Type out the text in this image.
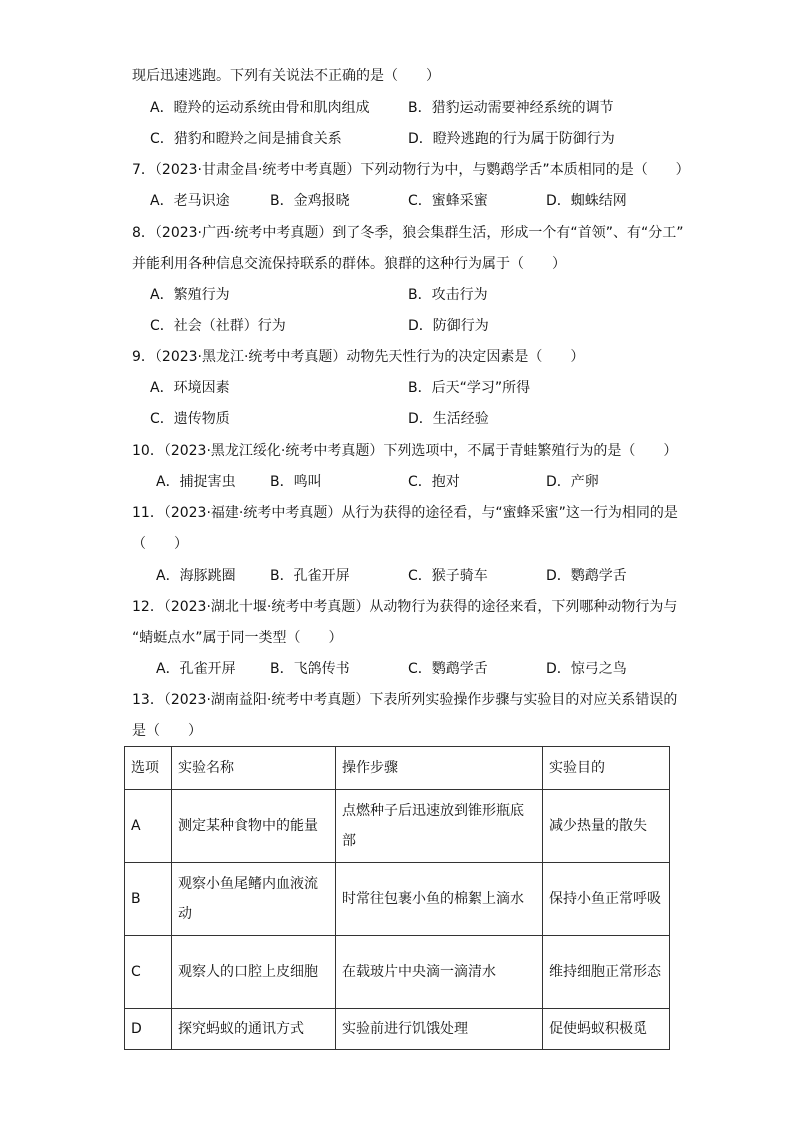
现后迅速逃跑。下列有关说法不正确的是（　　）
A．瞪羚的运动系统由骨和肌肉组成	B．猎豹运动需要神经系统的调节
C．猎豹和瞪羚之间是捕食关系	D．瞪羚逃跑的行为属于防御行为
7．（2023·甘肃金昌·统考中考真题）下列动物行为中，与鹦鹉学舌”本质相同的是（　　）
A．老马识途	B．金鸡报晓	C．蜜蜂采蜜	D．蜘蛛结网
8．（2023·广西·统考中考真题）到了冬季，狼会集群生活，形成一个有“首领”、有“分工”
并能利用各种信息交流保持联系的群体。狼群的这种行为属于（　　）
A．繁殖行为	B．攻击行为
C．社会（社群）行为	D．防御行为
9．（2023·黑龙江·统考中考真题）动物先天性行为的决定因素是（　　）
A．环境因素	B．后天“学习”所得
C．遗传物质	D．生活经验
10．（2023·黑龙江绥化·统考中考真题）下列选项中，不属于青蛙繁殖行为的是（　　）
A．捕捉害虫 B．鸣叫	C．抱对	D．产卵
11．（2023·福建·统考中考真题）从行为获得的途径看，与“蜜蜂采蜜”这一行为相同的是
（　　）
A．海豚跳圈 B．孔雀开屏	C．猴子骑车	D．鹦鹉学舌
12．（2023·湖北十堰·统考中考真题）从动物行为获得的途径来看，下列哪种动物行为与
“蜻蜓点水”属于同一类型（　　）
A．孔雀开屏 B．飞鸽传书	C．鹦鹉学舌	D．惊弓之鸟
13．（2023·湖南益阳·统考中考真题）下表所列实验操作步骤与实验目的对应关系错误的
是（　　）
选项	实验名称	操作步骤	实验目的
A	测定某种食物中的能量	点燃种子后迅速放到锥形瓶底部	减少热量的散失
B	观察小鱼尾鳍内血液流动	时常往包裹小鱼的棉絮上滴水	保持小鱼正常呼吸
C	观察人的口腔上皮细胞	在载玻片中央滴一滴清水	维持细胞正常形态
D	探究蚂蚁的通讯方式	实验前进行饥饿处理	促使蚂蚁积极觅
